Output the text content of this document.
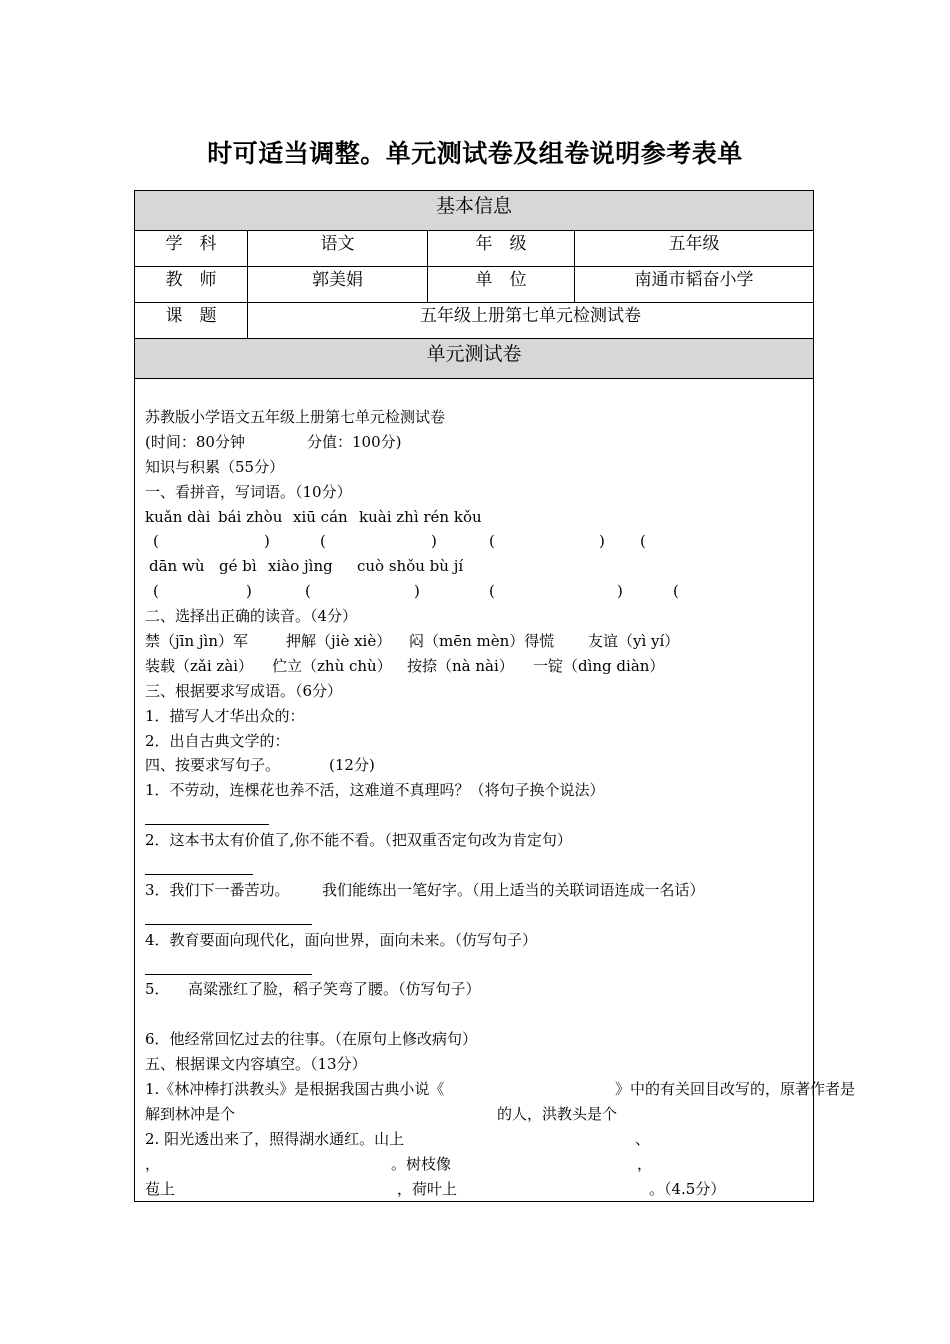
时可适当调整。单元测试卷及组卷说明参考表单
基本信息
学　科	语文	年　级	五年级
教　师	郭美娟	单　位	南通市韬奋小学
课　题	五年级上册第七单元检测试卷
单元测试卷
苏教版小学语文五年级上册第七单元检测试卷
(时间：80分钟	分值：100分)
知识与积累（55分）
一、看拼音，写词语。（10分）
kuǎn dài bái zhòu xiū cán kuài zhì rén kǒu
(	)	(	)	(	) (
dān wù gé bì xiào jìng cuò shǒu bù jí
(	)	(	)	(	)	(
二、选择出正确的读音。（4分）
禁（jīn jìn）军	押解（jiè xiè） 闷（mēn mèn）得慌 友谊（yì yí）
装载（zǎi zài） 伫立（zhù chù） 按捺（nà nài） 一锭（dìng diàn）
三、根据要求写成语。（6分）
1．描写人才华出众的：
2．出自古典文学的：
四、按要求写句子。	(12分)
1．不劳动，连棵花也养不活，这难道不真理吗？（将句子换个说法）
2．这本书太有价值了,你不能不看。（把双重否定句改为肯定句）
3．我们下一番苦功。 我们能练出一笔好字。（用上适当的关联词语连成一名话）
4．教育要面向现代化，面向世界，面向未来。（仿写句子）
5． 高粱涨红了脸，稻子笑弯了腰。（仿写句子）
6．他经常回忆过去的往事。（在原句上修改病句）
五、根据课文内容填空。（13分）
1.《林冲棒打洪教头》是根据我国古典小说《	》中的有关回目改写的，原著作者是
解到林冲是个	的人，洪教头是个
2. 阳光透出来了，照得湖水通红。山上	、
，	。树枝像	，
苞上	，荷叶上	。（4.5分）
